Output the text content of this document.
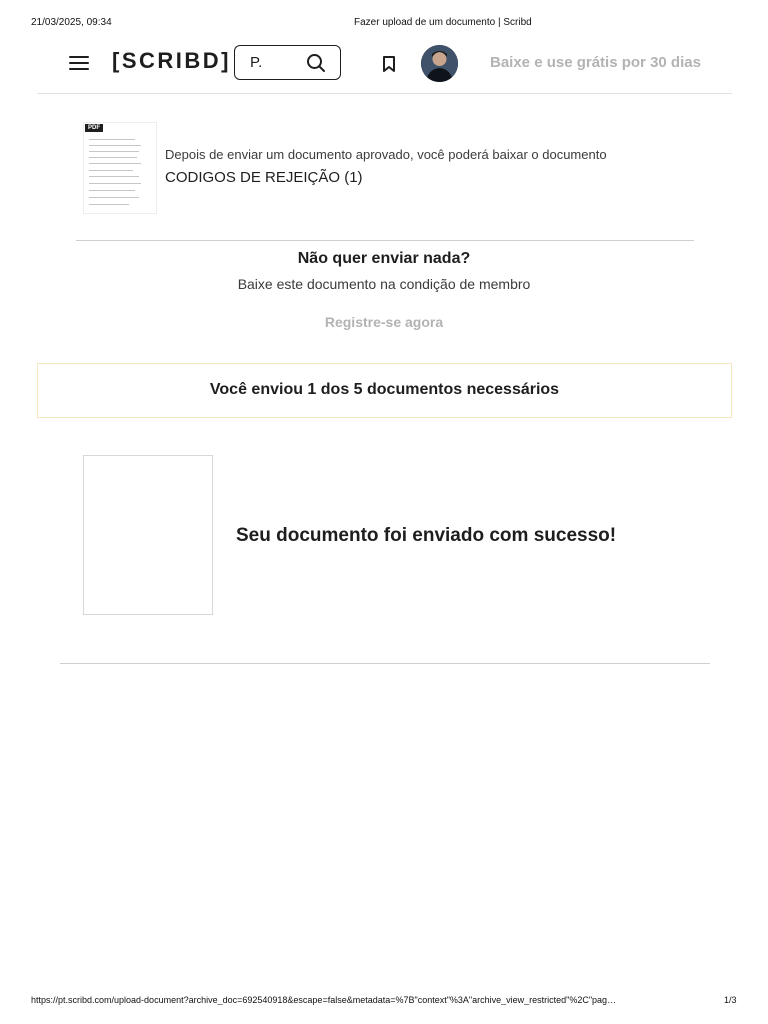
21/03/2025, 09:34	Fazer upload de um documento | Scribd
[SCRIBD] P.	Baixe e use grátis por 30 dias
PDF
Depois de enviar um documento aprovado, você poderá baixar o documento
CODIGOS DE REJEIÇÃO (1)
Não quer enviar nada?
Baixe este documento na condição de membro
Registre-se agora
Você enviou 1 dos 5 documentos necessários
Seu documento foi enviado com sucesso!
https://pt.scribd.com/upload-document?archive_doc=692540918&escape=false&metadata=%7B"context"%3A"archive_view_restricted"%2C"pag…	1/3
